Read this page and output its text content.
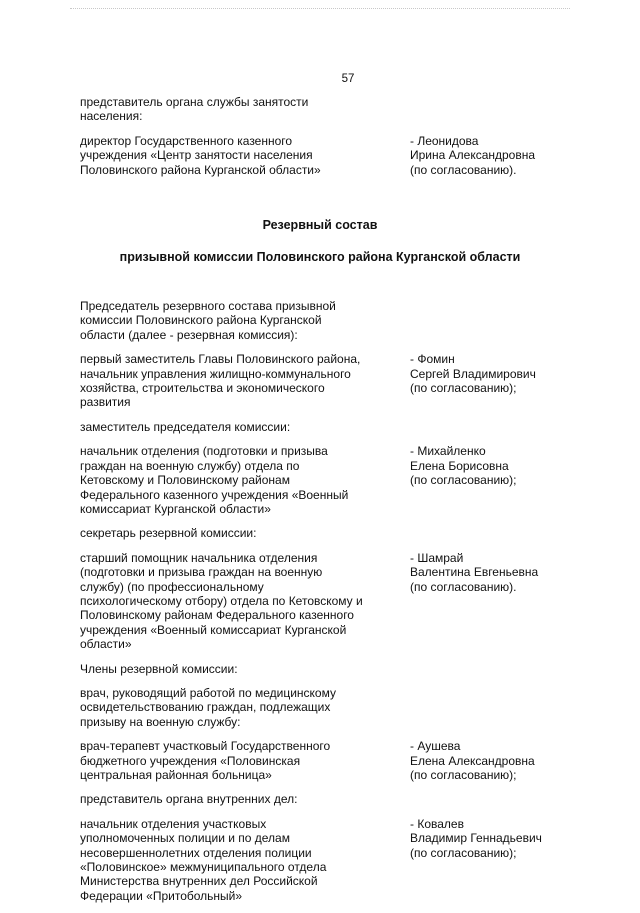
57

представитель органа службы занятости
населения:

директор Государственного казенного
учреждения «Центр занятости населения
Половинского района Курганской области»
- Леонидова
Ирина Александровна
(по согласованию).

Резервный состав

призывной комиссии Половинского района Курганской области

Председатель резервного состава призывной
комиссии Половинского района Курганской
области (далее - резервная комиссия):

первый заместитель Главы Половинского района,
начальник управления жилищно-коммунального
хозяйства, строительства и экономического
развития
- Фомин
Сергей Владимирович
(по согласованию);

заместитель председателя комиссии:

начальник отделения (подготовки и призыва
граждан на военную службу) отдела по
Кетовскому и Половинскому районам
Федерального казенного учреждения «Военный
комиссариат Курганской области»
- Михайленко
Елена Борисовна
(по согласованию);

секретарь резервной комиссии:

старший помощник начальника отделения
(подготовки и призыва граждан на военную
службу) (по профессиональному
психологическому отбору) отдела по Кетовскому и
Половинскому районам Федерального казенного
учреждения «Военный комиссариат Курганской
области»
- Шамрай
Валентина Евгеньевна
(по согласованию).

Члены резервной комиссии:

врач, руководящий работой по медицинскому
освидетельствованию граждан, подлежащих
призыву на военную службу:

врач-терапевт участковый Государственного
бюджетного учреждения «Половинская
центральная районная больница»
- Аушева
Елена Александровна
(по согласованию);

представитель органа внутренних дел:

начальник отделения участковых
уполномоченных полиции и по делам
несовершеннолетних отделения полиции
«Половинское» межмуниципального отдела
Министерства внутренних дел Российской
Федерации «Притобольный»
- Ковалев
Владимир Геннадьевич
(по согласованию);
